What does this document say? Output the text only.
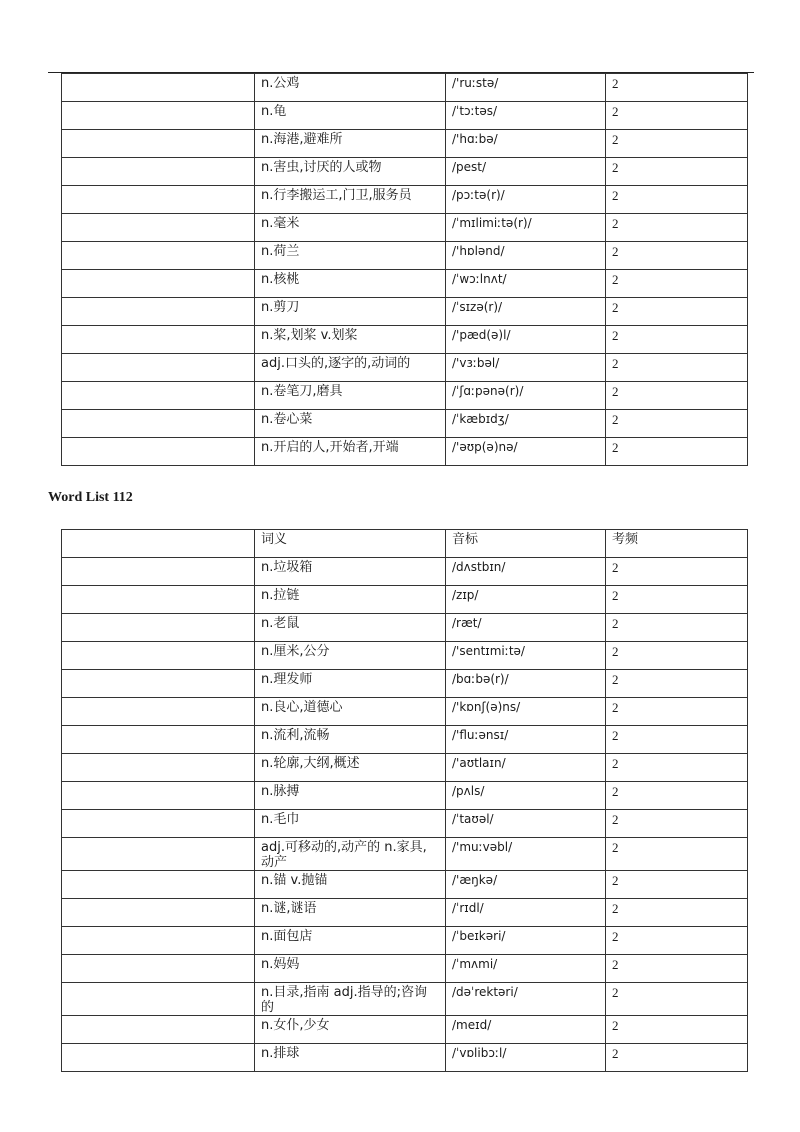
	n.公鸡	/'ruːstə/	2
	n.龟	/ˈtɔːtəs/	2
	n.海港,避难所	/'hɑːbə/	2
	n.害虫,讨厌的人或物	/pest/	2
	n.行李搬运工,门卫,服务员	/pɔːtə(r)/	2
	n.毫米	/ˈmɪlimiːtə(r)/	2
	n.荷兰	/'hɒlənd/	2
	n.核桃	/ˈwɔːlnʌt/	2
	n.剪刀	/ˈsɪzə(r)/	2
	n.桨,划桨 v.划桨	/'pæd(ə)l/	2
	adj.口头的,逐字的,动词的	/'vɜːbəl/	2
	n.卷笔刀,磨具	/ˈʃɑːpənə(r)/	2
	n.卷心菜	/ˈkæbɪdʒ/	2
	n.开启的人,开始者,开端	/'əʊp(ə)nə/	2
Word List 112
	词义	音标	考频
	n.垃圾箱	/dʌstbɪn/	2
	n.拉链	/zɪp/	2
	n.老鼠	/ræt/	2
	n.厘米,公分	/'sentɪmiːtə/	2
	n.理发师	/bɑːbə(r)/	2
	n.良心,道德心	/'kɒnʃ(ə)ns/	2
	n.流利,流畅	/'fluːənsɪ/	2
	n.轮廓,大纲,概述	/'aʊtlaɪn/	2
	n.脉搏	/pʌls/	2
	n.毛巾	/ˈtaʊəl/	2
	adj.可移动的,动产的 n.家具,动产	/'muːvəbl/	2
	n.锚 v.抛锚	/'æŋkə/	2
	n.谜,谜语	/ˈrɪdl/	2
	n.面包店	/ˈbeɪkəri/	2
	n.妈妈	/ˈmʌmi/	2
	n.目录,指南 adj.指导的;咨询的	/dəˈrektəri/	2
	n.女仆,少女	/meɪd/	2
	n.排球	/ˈvɒlibɔːl/	2
